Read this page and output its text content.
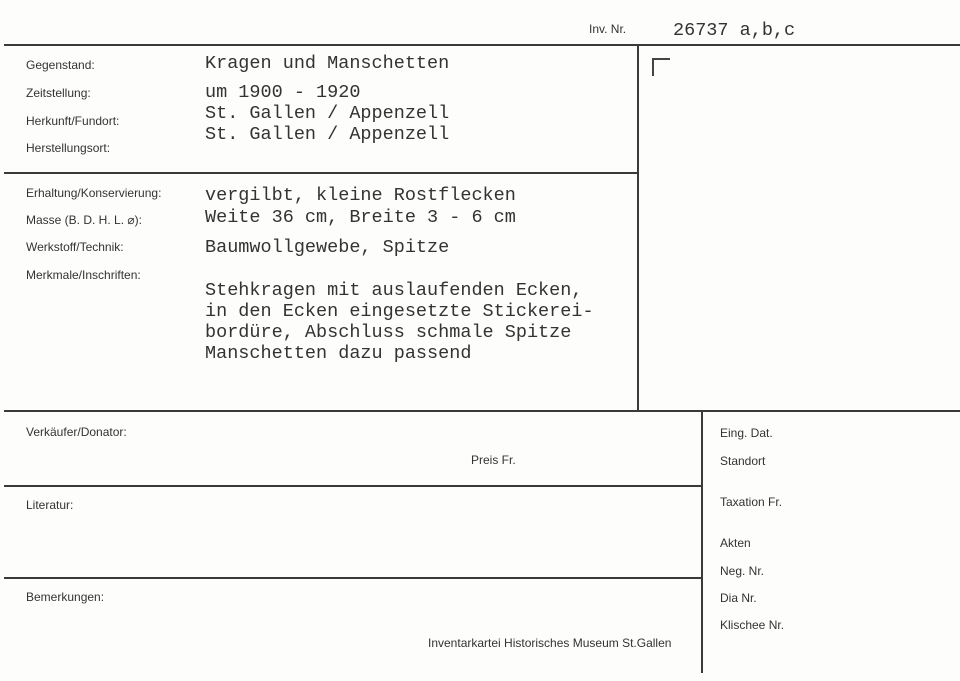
Inv. Nr.	26737 a,b,c
Gegenstand:
Zeitstellung:
Herkunft/Fundort:
Herstellungsort:
Kragen und Manschetten
um 1900 - 1920
St. Gallen / Appenzell
St. Gallen / Appenzell
Erhaltung/Konservierung:
Masse (B. D. H. L. ⌀):
Werkstoff/Technik:
Merkmale/Inschriften:
vergilbt, kleine Rostflecken
Weite 36 cm, Breite 3 - 6 cm
Baumwollgewebe, Spitze
Stehkragen mit auslaufenden Ecken,
in den Ecken eingesetzte Stickerei-
bordüre, Abschluss schmale Spitze
Manschetten dazu passend
Verkäufer/Donator:
Preis Fr.
Literatur:
Bemerkungen:
Inventarkartei Historisches Museum St.Gallen
Eing. Dat.
Standort
Taxation Fr.
Akten
Neg. Nr.
Dia Nr.
Klischee Nr.
